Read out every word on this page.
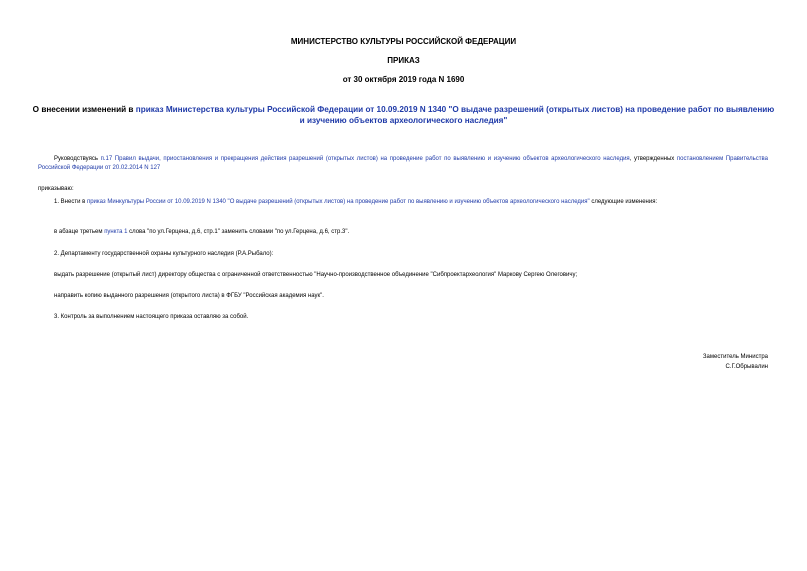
МИНИСТЕРСТВО КУЛЬТУРЫ РОССИЙСКОЙ ФЕДЕРАЦИИ
ПРИКАЗ
от 30 октября 2019 года N 1690
О внесении изменений в приказ Министерства культуры Российской Федерации от 10.09.2019 N 1340 "О выдаче разрешений (открытых листов) на проведение работ по выявлению и изучению объектов археологического наследия"
Руководствуясь п.17 Правил выдачи, приостановления и прекращения действия разрешений (открытых листов) на проведение работ по выявлению и изучению объектов археологического наследия, утвержденных постановлением Правительства Российской Федерации от 20.02.2014 N 127
приказываю:
1. Внести в приказ Минкультуры России от 10.09.2019 N 1340 "О выдаче разрешений (открытых листов) на проведение работ по выявлению и изучению объектов археологического наследия" следующие изменения:
в абзаце третьем пункта 1 слова "по ул.Герцена, д.6, стр.1" заменить словами "по ул.Герцена, д.6, стр.3".
2. Департаменту государственной охраны культурного наследия (Р.А.Рыбало):
выдать разрешение (открытый лист) директору общества с ограниченной ответственностью "Научно-производственное объединение "Сибпроектархеология" Маркову Сергею Олеговичу;
направить копию выданного разрешения (открытого листа) в ФГБУ "Российская академия наук".
3. Контроль за выполнением настоящего приказа оставляю за собой.
Заместитель Министра
С.Г.Обрывалин
